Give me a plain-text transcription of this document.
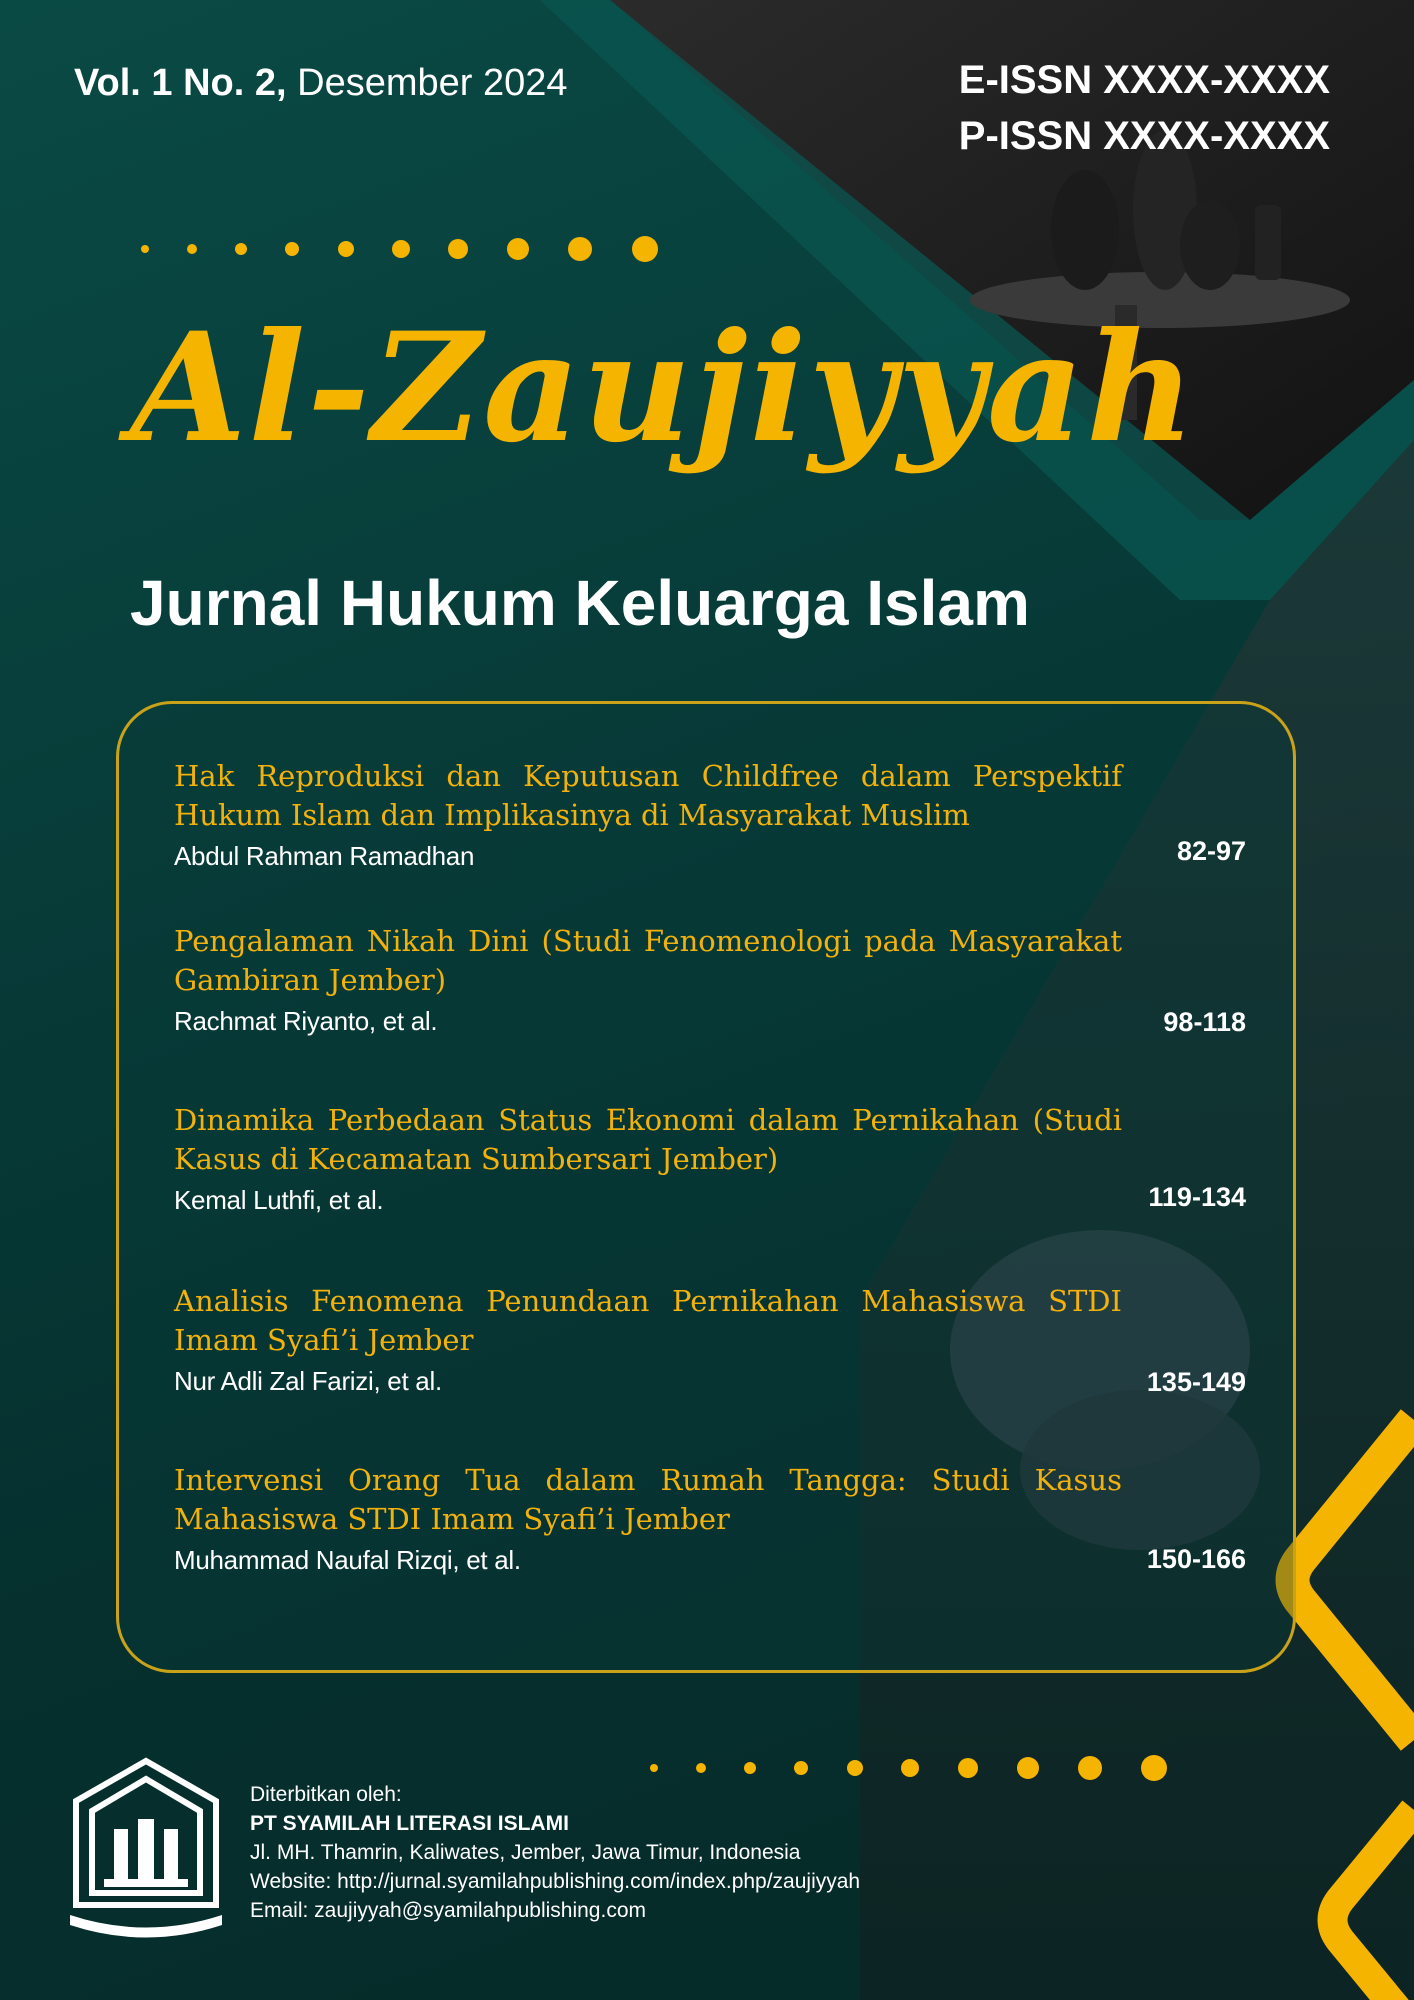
Vol. 1 No. 2, Desember 2024	E-ISSN XXXX-XXXX
P-ISSN XXXX-XXXX
Al-Zaujiyyah
Jurnal Hukum Keluarga Islam
Hak Reproduksi dan Keputusan Childfree dalam Perspektif Hukum Islam dan Implikasinya di Masyarakat Muslim
Abdul Rahman Ramadhan	82-97
Pengalaman Nikah Dini (Studi Fenomenologi pada Masyarakat Gambiran Jember)
Rachmat Riyanto, et al.	98-118
Dinamika Perbedaan Status Ekonomi dalam Pernikahan (Studi Kasus di Kecamatan Sumbersari Jember)
Kemal Luthfi, et al.	119-134
Analisis Fenomena Penundaan Pernikahan Mahasiswa STDI Imam Syafi’i Jember
Nur Adli Zal Farizi, et al.	135-149
Intervensi Orang Tua dalam Rumah Tangga: Studi Kasus Mahasiswa STDI Imam Syafi’i Jember
Muhammad Naufal Rizqi, et al.	150-166
Diterbitkan oleh:
PT SYAMILAH LITERASI ISLAMI
Jl. MH. Thamrin, Kaliwates, Jember, Jawa Timur, Indonesia
Website: http://jurnal.syamilahpublishing.com/index.php/zaujiyyah
Email: zaujiyyah@syamilahpublishing.com
